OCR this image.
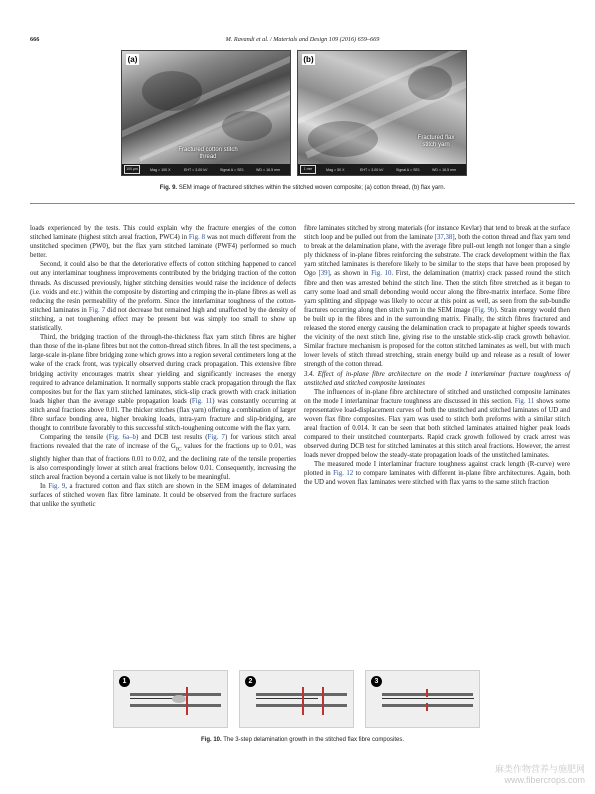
666	M. Ravandi et al. / Materials and Design 109 (2016) 659–669
(a)
Fractured cotton stitch thread
100 μm	Mag = 100 X	EHT = 3.00 kV	Signal A = SE1	WD = 16.5 mm
(b)
Fractured flax stitch yarn
1 mm	Mag = 50 X	EHT = 3.00 kV	Signal A = SE1	WD = 16.5 mm
Fig. 9. SEM image of fractured stitches within the stitched woven composite; (a) cotton thread, (b) flax yarn.

loads experienced by the tests. This could explain why the fracture energies of the cotton stitched laminate (highest stitch areal fraction, PWC4) in Fig. 8 was not much different from the unstitched specimen (PW0), but the flax yarn stitched laminate (PWF4) performed so much better.

Second, it could also be that the deteriorative effects of cotton stitching happened to cancel out any interlaminar toughness improvements contributed by the bridging traction of the cotton threads. As discussed previously, higher stitching densities would raise the incidence of defects (i.e. voids and etc.) within the composite by distorting and crimping the in-plane fibres as well as reducing the resin permeability of the preform. Since the interlaminar toughness of the cotton-stitched laminates in Fig. 7 did not decrease but remained high and unaffected by the density of stitching, a net toughening effect may be present but was simply too small to show up statistically.

Third, the bridging traction of the through-the-thickness flax yarn stitch fibres are higher than those of the in-plane fibres but not the cotton-thread stitch fibres. In all the test specimens, a large-scale in-plane fibre bridging zone which grows into a region several centimeters long at the wake of the crack front, was typically observed during crack propagation. This extensive fibre bridging activity encourages matrix shear yielding and significantly increases the energy required to advance delamination. It normally supports stable crack propagation through the flax composites but for the flax yarn stitched laminates, stick-slip crack growth with crack initiation loads higher than the average stable propagation loads (Fig. 11) was constantly occurring at stitch areal fractions above 0.01. The thicker stitches (flax yarn) offering a combination of larger fibre surface bonding area, higher breaking loads, intra-yarn fracture and slip-bridging, are thought to contribute favorably to this successful stitch-toughening outcome with the flax yarn.

Comparing the tensile (Fig. 6a–b) and DCB test results (Fig. 7) for various stitch areal fractions revealed that the rate of increase of the $G_{IC}$ values for the fractions up to 0.01, was slightly higher than that of fractions 0.01 to 0.02, and the declining rate of the tensile properties is also correspondingly lower at stitch areal fractions below 0.01. Consequently, increasing the stitch areal fraction beyond a certain value is not likely to be meaningful.

In Fig. 9, a fractured cotton and flax stitch are shown in the SEM images of delaminated surfaces of stitched woven flax fibre laminate. It could be observed from the fracture surfaces that unlike the synthetic

fibre laminates stitched by strong materials (for instance Kevlar) that tend to break at the surface stitch loop and be pulled out from the laminate [37,38], both the cotton thread and flax yarn tend to break at the delamination plane, with the average fibre pull-out length not longer than a single ply thickness of in-plane fibres reinforcing the substrate. The crack development within the flax yarn stitched laminates is therefore likely to be similar to the steps that have been proposed by Ogo [39], as shown in Fig. 10. First, the delamination (matrix) crack passed round the stitch fibre and then was arrested behind the stitch line. Then the stitch fibre stretched as it began to carry some load and small debonding would occur along the fibre-matrix interface. Some fibre yarn splitting and slippage was likely to occur at this point as well, as seen from the sub-bundle fractures occurring along then stitch yarn in the SEM image (Fig. 9b). Strain energy would then be built up in the fibres and in the surrounding matrix. Finally, the stitch fibres fractured and released the stored energy causing the delamination crack to propagate at higher speeds towards the vicinity of the next stitch line, giving rise to the unstable stick-slip crack growth behavior. Similar fracture mechanism is proposed for the cotton stitched laminates as well, but with much lower levels of stitch thread stretching, strain energy build up and release as a result of lower strength of the cotton thread.

3.4. Effect of in-plane fibre architecture on the mode I interlaminar fracture toughness of unstitched and stitched composite laminates

The influences of in-plane fibre architecture of stitched and unstitched composite laminates on the mode I interlaminar fracture toughness are discussed in this section. Fig. 11 shows some representative load-displacement curves of both the unstitched and stitched laminates of UD and woven flax fibre composites. Flax yarn was used to stitch both preforms with a similar stitch areal fraction of 0.014. It can be seen that both stitched laminates attained higher peak loads compared to their unstitched counterparts. Rapid crack growth followed by crack arrest was observed during DCB test for stitched laminates at this stitch areal fractions. However, the arrest loads never dropped below the steady-state propagation loads of the unstitched laminates.

The measured mode I interlaminar fracture toughness against crack length (R-curve) were plotted in Fig. 12 to compare laminates with different in-plane fibre architectures. Again, both the UD and woven flax laminates were stitched with flax yarns to the same stitch fraction

1	2	3
Fig. 10. The 3-step delamination growth in the stitched flax fibre composites.
麻类作物营养与施肥网
www.fibercrops.com
